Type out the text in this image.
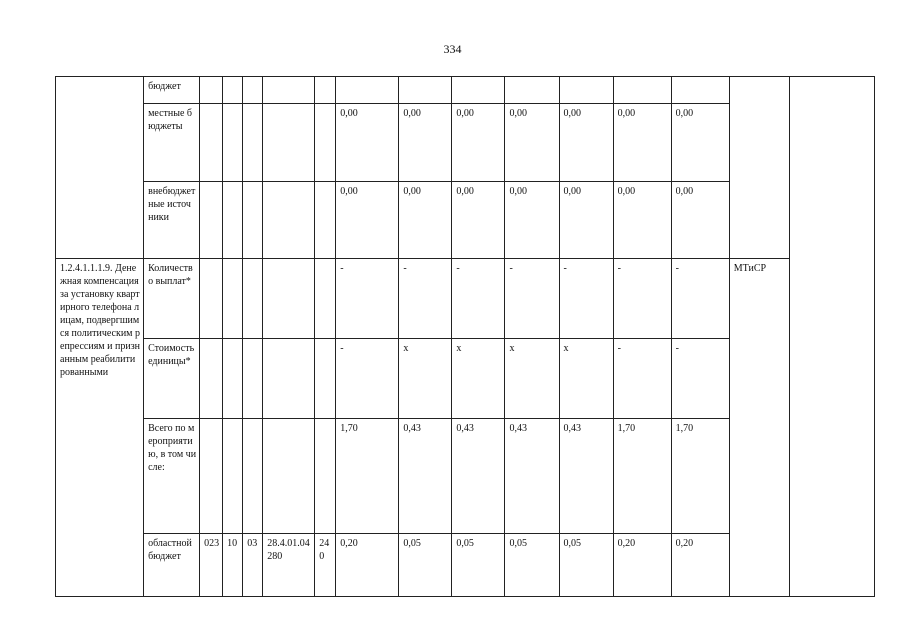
334
	бюджет														
	местные бюджеты						0,00	0,00	0,00	0,00	0,00	0,00	0,00		
	внебюджетные источники						0,00	0,00	0,00	0,00	0,00	0,00	0,00		
1.2.4.1.1.1.9. Денежная компенсация за установку квартирного телефона лицам, подвергшимся политическим репрессиям и признанным реабилитированными	Количество выплат*						-	-	-	-	-	-	-	МТиСР	
	Стоимость единицы*						-	x	x	x	x	-	-		
	Всего по мероприятию, в том числе:						1,70	0,43	0,43	0,43	0,43	1,70	1,70		
	областной бюджет	023	10	03	28.4.01.04280	240	0,20	0,05	0,05	0,05	0,05	0,20	0,20		
